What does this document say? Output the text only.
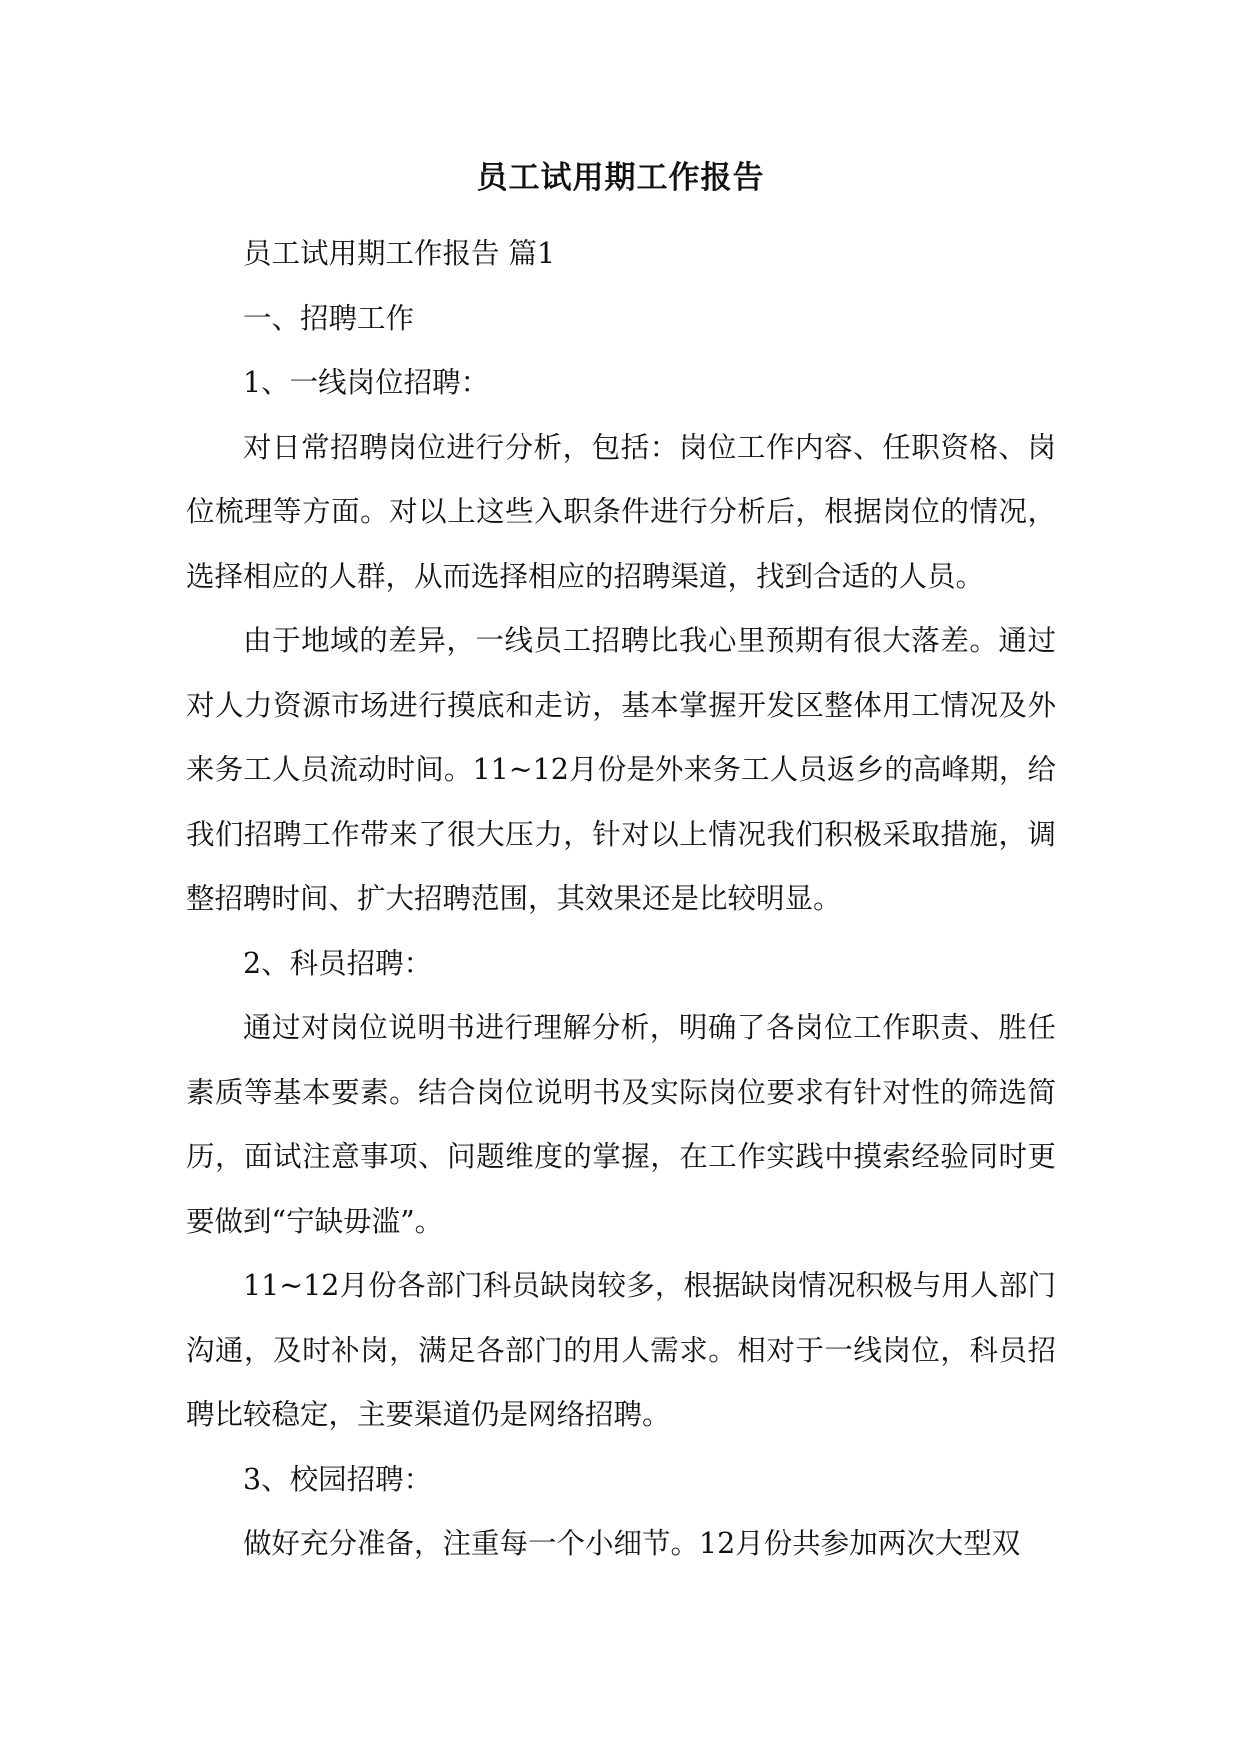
员工试用期工作报告

员工试用期工作报告 篇1

一、招聘工作

1、一线岗位招聘：

对日常招聘岗位进行分析，包括：岗位工作内容、任职资格、岗位梳理等方面。对以上这些入职条件进行分析后，根据岗位的情况，选择相应的人群，从而选择相应的招聘渠道，找到合适的人员。

由于地域的差异，一线员工招聘比我心里预期有很大落差。通过对人力资源市场进行摸底和走访，基本掌握开发区整体用工情况及外来务工人员流动时间。11~12月份是外来务工人员返乡的高峰期，给我们招聘工作带来了很大压力，针对以上情况我们积极采取措施，调整招聘时间、扩大招聘范围，其效果还是比较明显。

2、科员招聘：

通过对岗位说明书进行理解分析，明确了各岗位工作职责、胜任素质等基本要素。结合岗位说明书及实际岗位要求有针对性的筛选简历，面试注意事项、问题维度的掌握，在工作实践中摸索经验同时更要做到“宁缺毋滥”。

11~12月份各部门科员缺岗较多，根据缺岗情况积极与用人部门沟通，及时补岗，满足各部门的用人需求。相对于一线岗位，科员招聘比较稳定，主要渠道仍是网络招聘。

3、校园招聘：

做好充分准备，注重每一个小细节。12月份共参加两次大型双
